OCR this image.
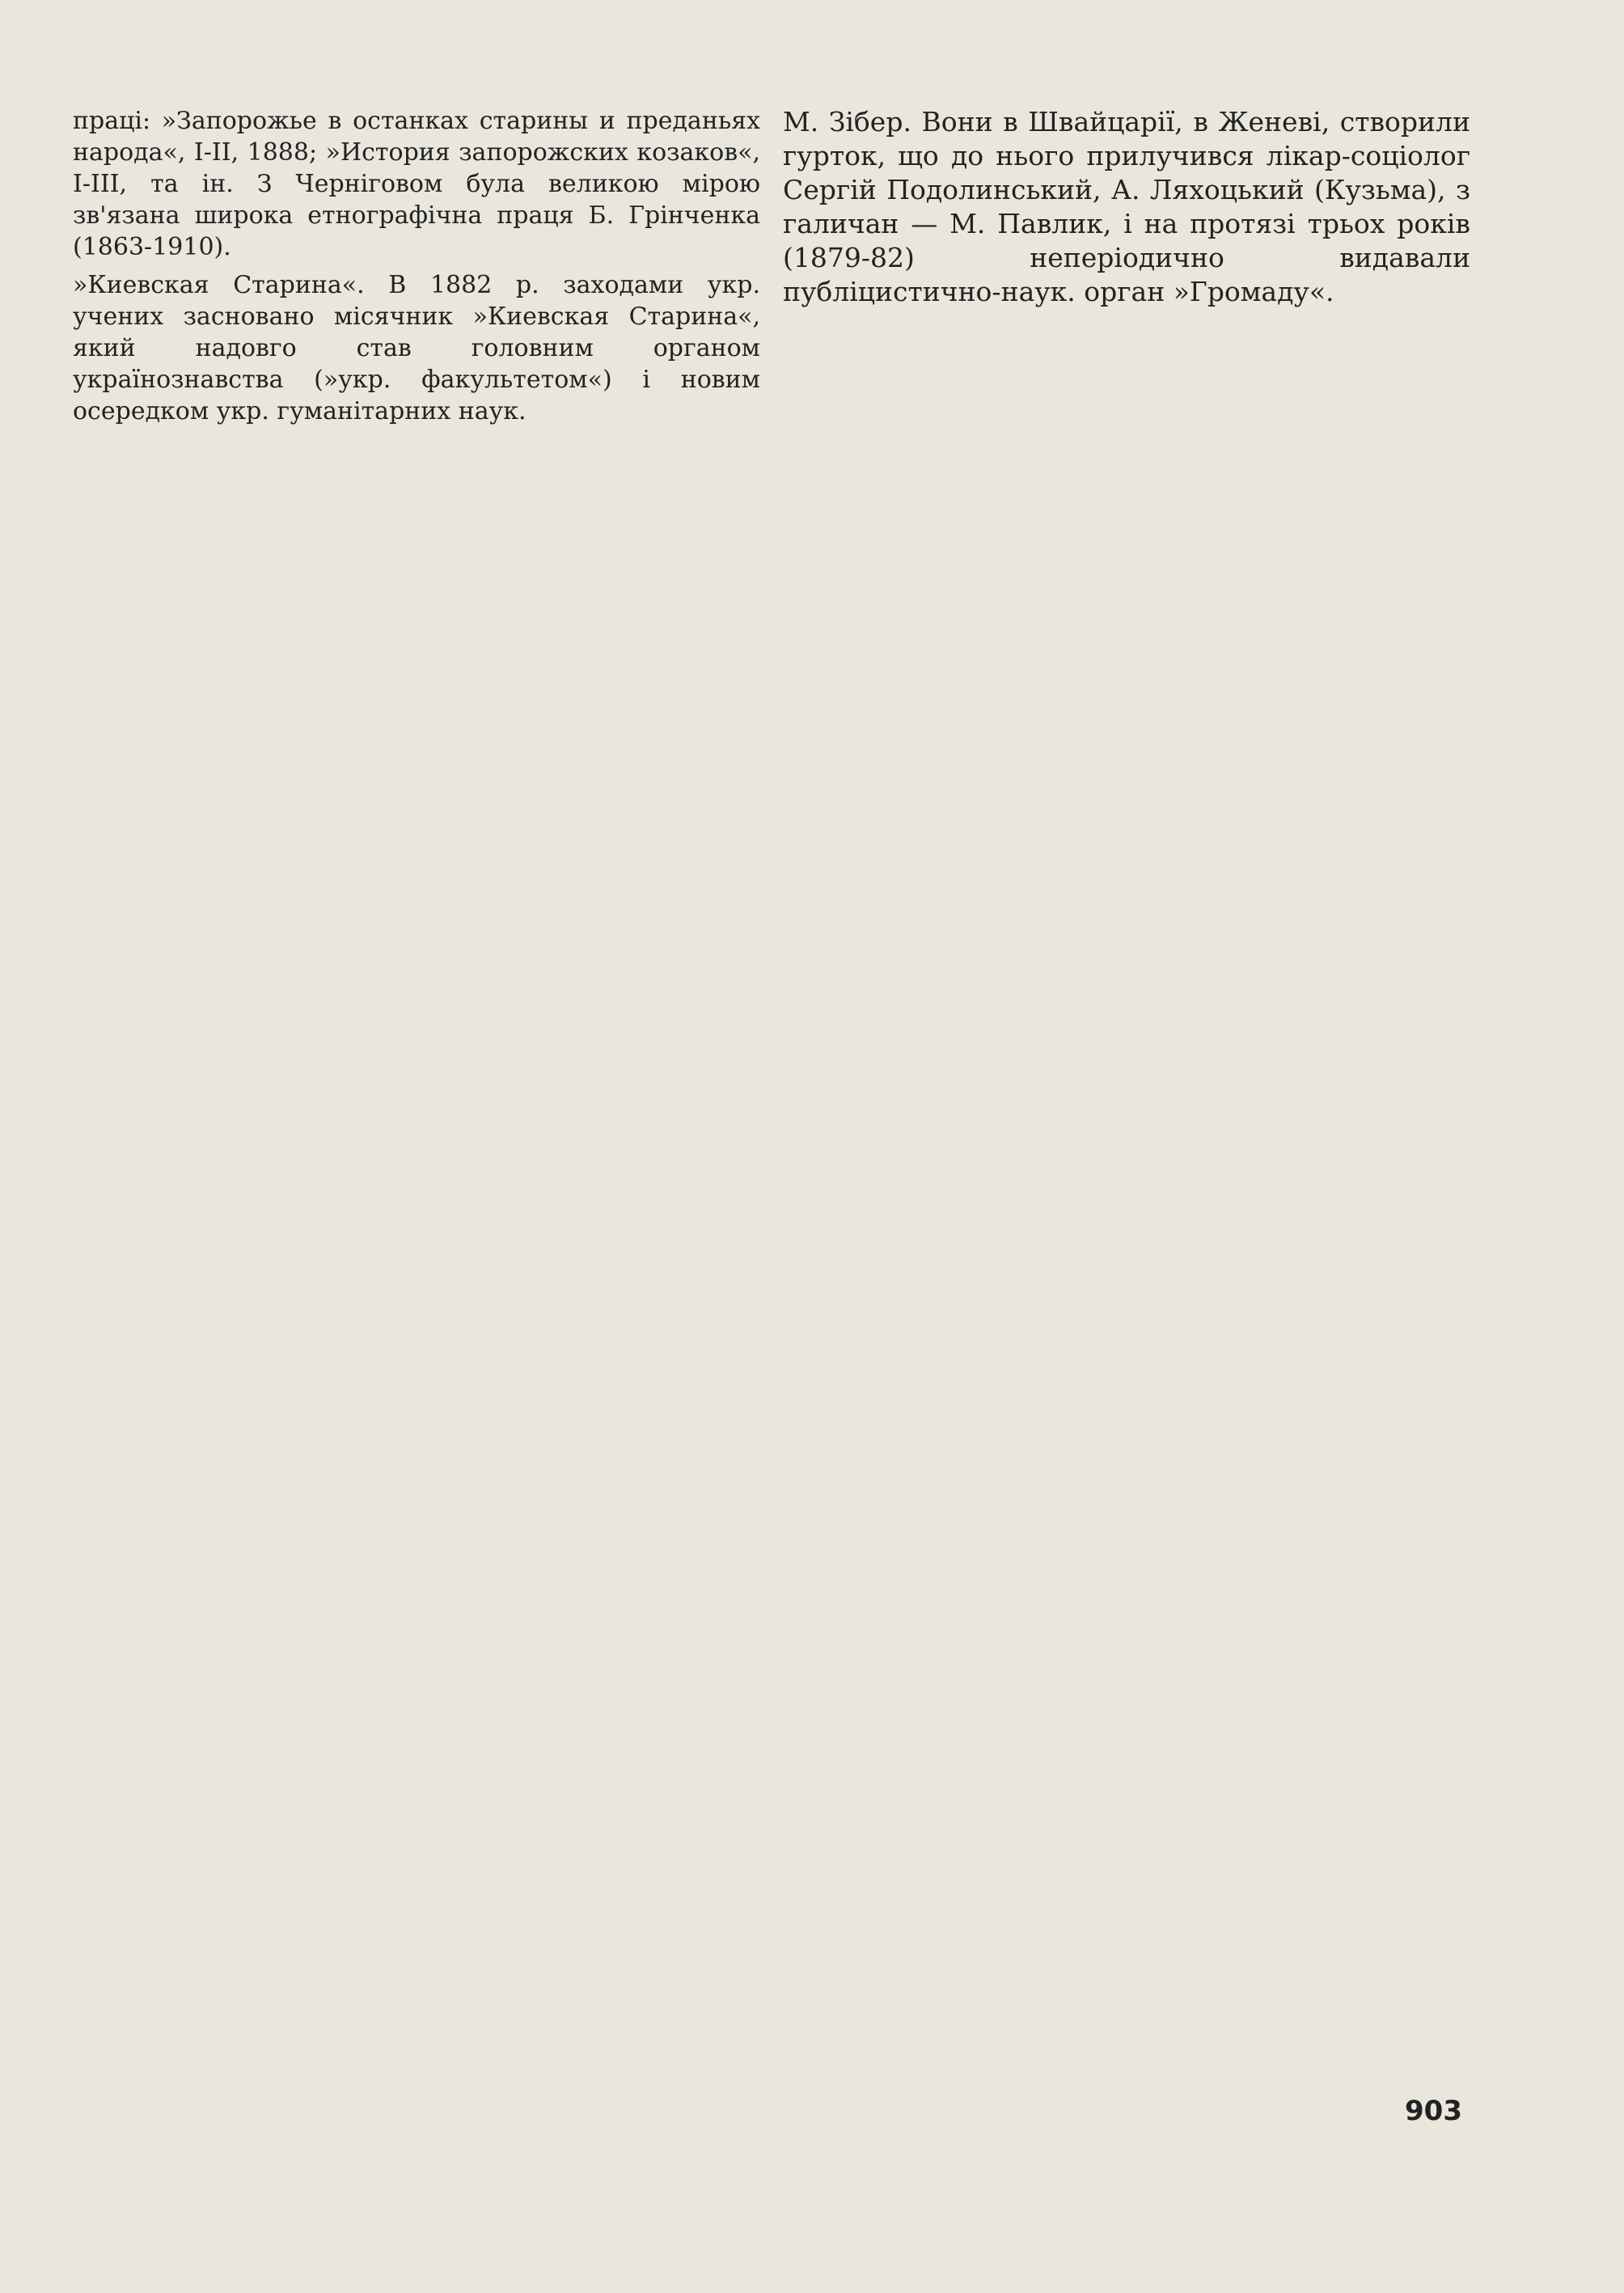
праці: »Запорожье в останках старины и преданьях народа«, I-II, 1888; »История запорожских козаков«, I-III, та ін. З Черніговом була великою мірою зв'язана широка етнографічна праця Б. Грінченка (1863-1910).

»Киевская Старина«. В 1882 р. заходами укр. учених засновано місячник »Киевская Старина«, який надовго став головним органом українознавства (»укр. факультетом«) і новим осередком укр. гуманітарних наук.

М. Зібер. Вони в Швайцарії, в Женеві, створили гурток, що до нього прилучився лікар-соціолог Сергій Подолинський, А. Ляхоцький (Кузьма), з галичан — М. Павлик, і на протязі трьох років (1879-82) неперіодично видавали публіцистично-наук. орган »Громаду«.

903
